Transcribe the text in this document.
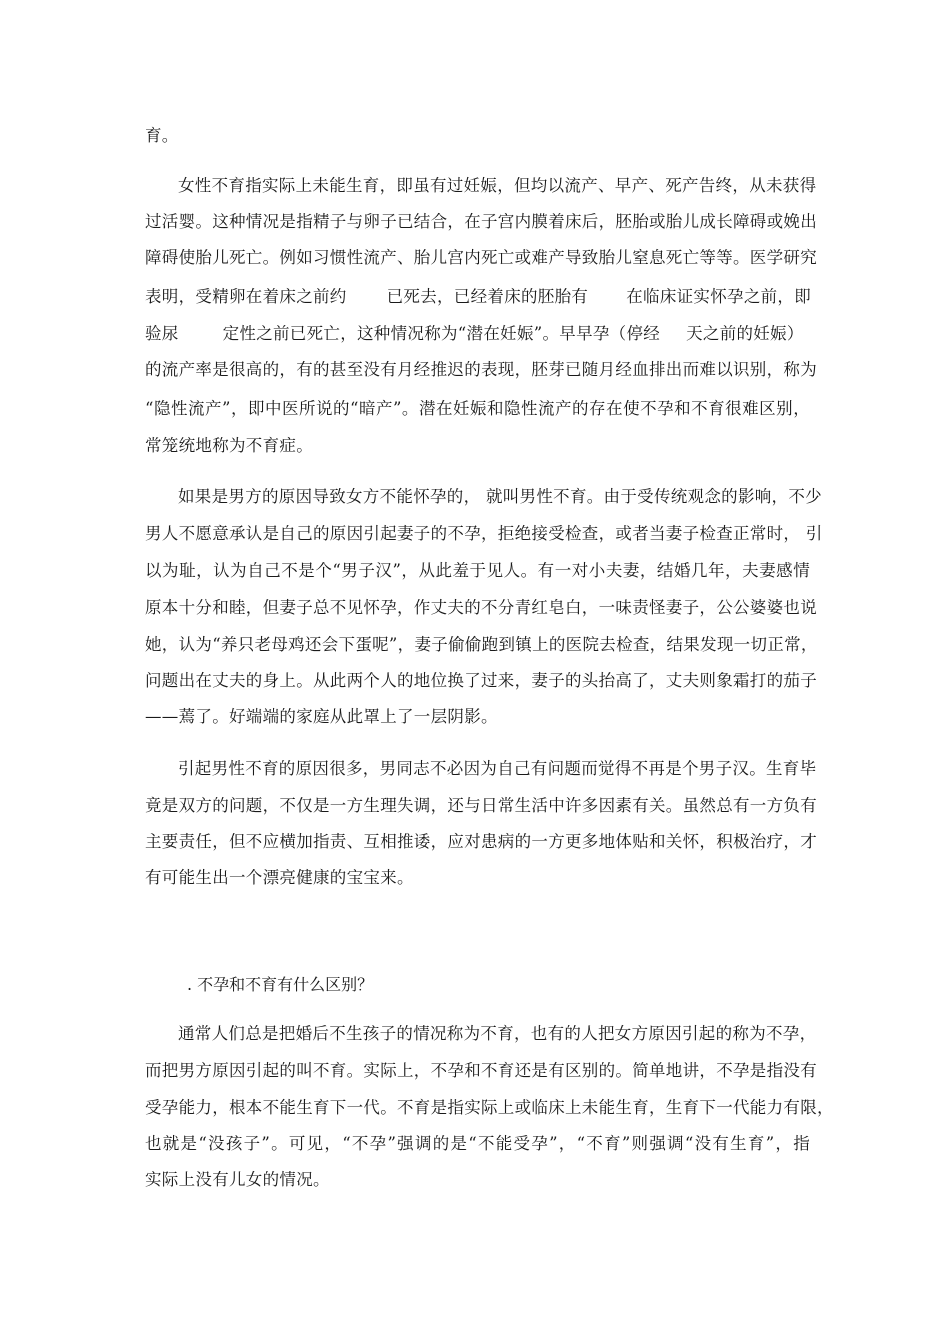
育。
女性不育指实际上未能生育，即虽有过妊娠，但均以流产、早产、死产告终，从未获得
过活婴。这种情况是指精子与卵子已结合，在子宫内膜着床后，胚胎或胎儿成长障碍或娩出
障碍使胎儿死亡。例如习惯性流产、胎儿宫内死亡或难产导致胎儿窒息死亡等等。医学研究
表明，受精卵在着床之前约 已死去，已经着床的胚胎有 在临床证实怀孕之前，即
验尿	定性之前已死亡，这种情况称为“潜在妊娠”。早早孕（停经 天之前的妊娠）
的流产率是很高的，有的甚至没有月经推迟的表现，胚芽已随月经血排出而难以识别，称为
“隐性流产”，即中医所说的“暗产”。潜在妊娠和隐性流产的存在使不孕和不育很难区别，
常笼统地称为不育症。
如果是男方的原因导致女方不能怀孕的， 就叫男性不育。由于受传统观念的影响，不少
男人不愿意承认是自己的原因引起妻子的不孕，拒绝接受检查，或者当妻子检查正常时， 引
以为耻，认为自己不是个“男子汉”，从此羞于见人。有一对小夫妻，结婚几年，夫妻感情
原本十分和睦，但妻子总不见怀孕，作丈夫的不分青红皂白，一味责怪妻子，公公婆婆也说
她，认为“养只老母鸡还会下蛋呢”，妻子偷偷跑到镇上的医院去检查，结果发现一切正常，
问题出在丈夫的身上。从此两个人的地位换了过来，妻子的头抬高了，丈夫则象霜打的茄子
——蔫了。好端端的家庭从此罩上了一层阴影。
引起男性不育的原因很多，男同志不必因为自己有问题而觉得不再是个男子汉。生育毕
竟是双方的问题，不仅是一方生理失调，还与日常生活中许多因素有关。虽然总有一方负有
主要责任，但不应横加指责、互相推诿，应对患病的一方更多地体贴和关怀，积极治疗，才
有可能生出一个漂亮健康的宝宝来。
. 不孕和不育有什么区别？
通常人们总是把婚后不生孩子的情况称为不育，也有的人把女方原因引起的称为不孕，
而把男方原因引起的叫不育。实际上，不孕和不育还是有区别的。简单地讲，不孕是指没有
受孕能力，根本不能生育下一代。不育是指实际上或临床上未能生育，生育下一代能力有限，
也就是“没孩子”。可见，“不孕”强调的是“不能受孕”，“不育”则强调“没有生育”，指
实际上没有儿女的情况。
